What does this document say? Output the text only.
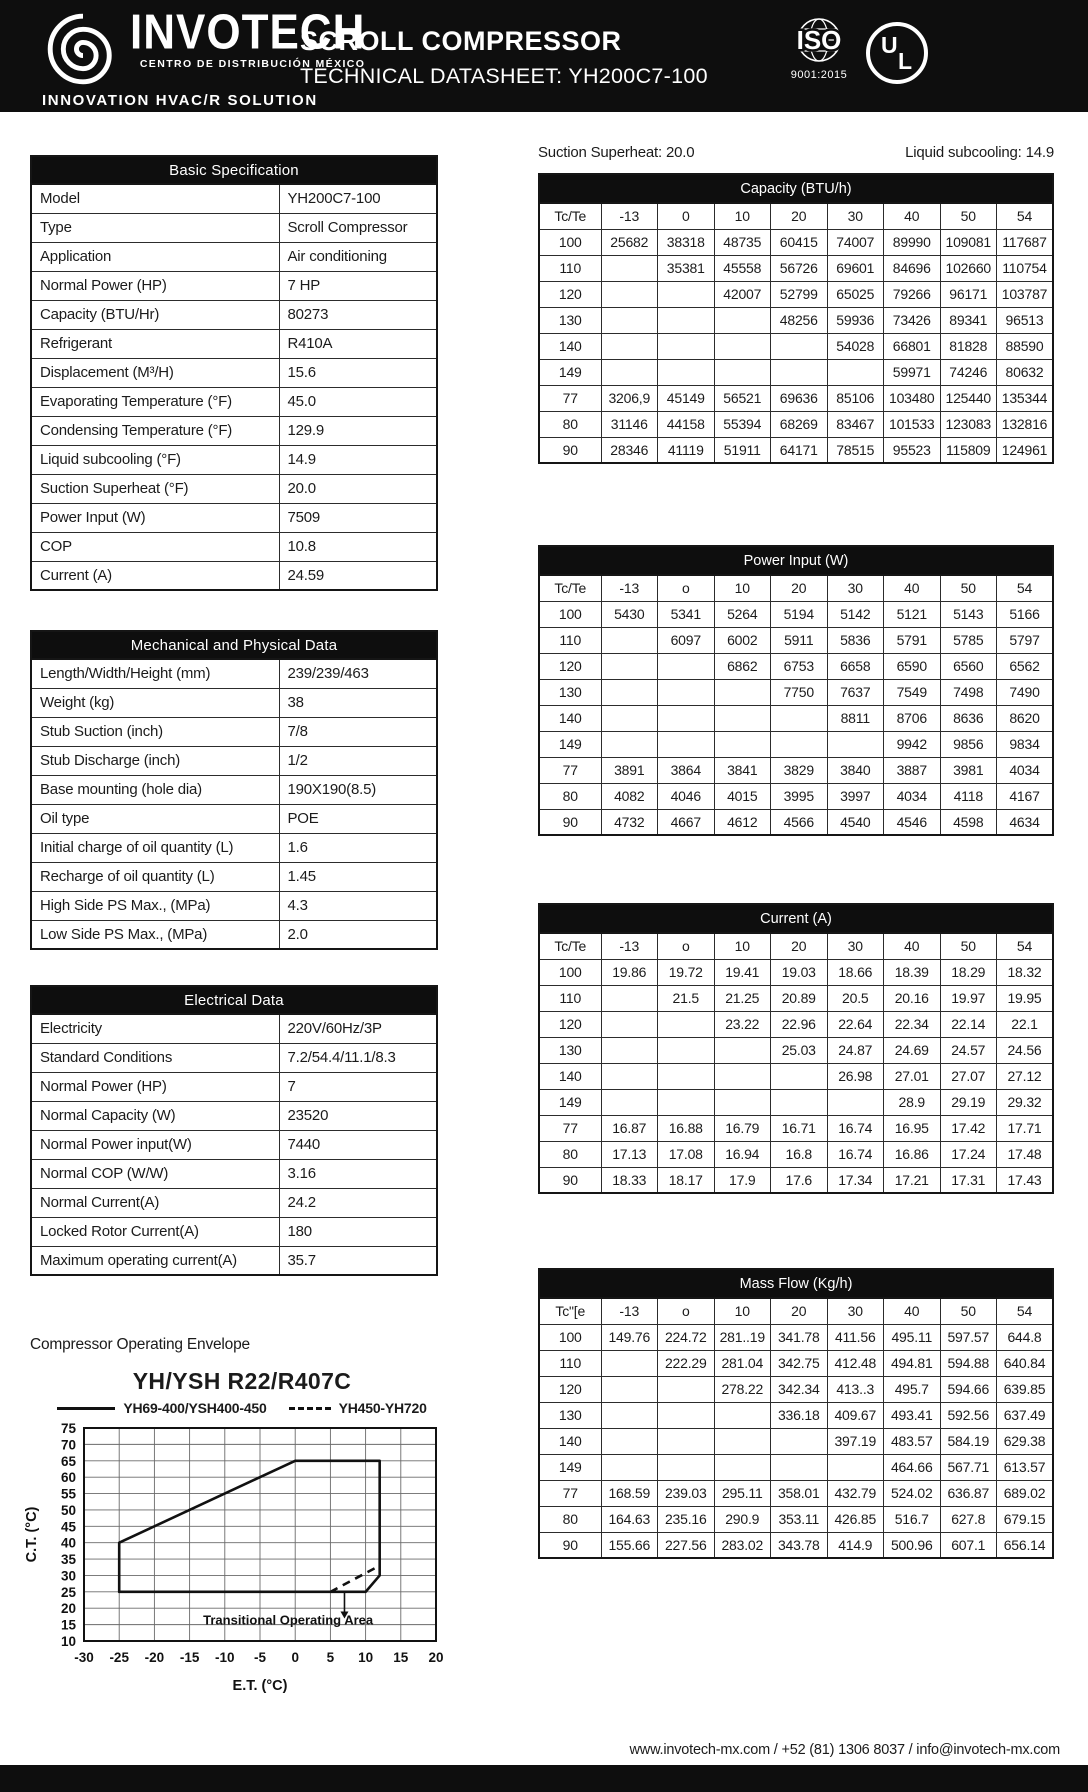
INVOTECH
CENTRO DE DISTRIBUCIÓN MÉXICO
INNOVATION HVAC/R SOLUTION
SCROLL COMPRESSOR
TECHNICAL DATASHEET: YH200C7-100
ISO
9001:2015
U
L
Basic Specification
Model	YH200C7-100
Type	Scroll Compressor
Application	Air conditioning
Normal Power (HP)	7 HP
Capacity (BTU/Hr)	80273
Refrigerant	R410A
Displacement (M³/H)	15.6
Evaporating Temperature (°F)	45.0
Condensing Temperature (°F)	129.9
Liquid subcooling (°F)	14.9
Suction Superheat (°F)	20.0
Power Input (W)	7509
COP	10.8
Current (A)	24.59
Mechanical and Physical Data
Length/Width/Height (mm)	239/239/463
Weight (kg)	38
Stub Suction (inch)	7/8
Stub Discharge (inch)	1/2
Base mounting (hole dia)	190X190(8.5)
Oil type	POE
Initial charge of oil quantity (L)	1.6
Recharge of oil quantity (L)	1.45
High Side PS Max., (MPa)	4.3
Low Side PS Max., (MPa)	2.0
Electrical Data
Electricity	220V/60Hz/3P
Standard Conditions	7.2/54.4/11.1/8.3
Normal Power (HP)	7
Normal Capacity (W)	23520
Normal Power input(W)	7440
Normal COP (W/W)	3.16
Normal Current(A)	24.2
Locked Rotor Current(A)	180
Maximum operating current(A)	35.7
Suction Superheat: 20.0	Liquid subcooling: 14.9
Capacity (BTU/h)
Tc/Te	-13	0	10	20	30	40	50	54
100	25682	38318	48735	60415	74007	89990	109081	117687
110		35381	45558	56726	69601	84696	102660	110754
120			42007	52799	65025	79266	96171	103787
130				48256	59936	73426	89341	96513
140					54028	66801	81828	88590
149						59971	74246	80632
77	3206,9	45149	56521	69636	85106	103480	125440	135344
80	31146	44158	55394	68269	83467	101533	123083	132816
90	28346	41119	51911	64171	78515	95523	115809	124961
Power Input (W)
Tc/Te	-13	o	10	20	30	40	50	54
100	5430	5341	5264	5194	5142	5121	5143	5166
110		6097	6002	5911	5836	5791	5785	5797
120			6862	6753	6658	6590	6560	6562
130				7750	7637	7549	7498	7490
140					8811	8706	8636	8620
149						9942	9856	9834
77	3891	3864	3841	3829	3840	3887	3981	4034
80	4082	4046	4015	3995	3997	4034	4118	4167
90	4732	4667	4612	4566	4540	4546	4598	4634
Current (A)
Tc/Te	-13	o	10	20	30	40	50	54
100	19.86	19.72	19.41	19.03	18.66	18.39	18.29	18.32
110		21.5	21.25	20.89	20.5	20.16	19.97	19.95
120			23.22	22.96	22.64	22.34	22.14	22.1
130				25.03	24.87	24.69	24.57	24.56
140					26.98	27.01	27.07	27.12
149						28.9	29.19	29.32
77	16.87	16.88	16.79	16.71	16.74	16.95	17.42	17.71
80	17.13	17.08	16.94	16.8	16.74	16.86	17.24	17.48
90	18.33	18.17	17.9	17.6	17.34	17.21	17.31	17.43
Mass Flow (Kg/h)
Tc"[e	-13	o	10	20	30	40	50	54
100	149.76	224.72	281..19	341.78	411.56	495.11	597.57	644.8
110		222.29	281.04	342.75	412.48	494.81	594.88	640.84
120			278.22	342.34	413..3	495.7	594.66	639.85
130				336.18	409.67	493.41	592.56	637.49
140					397.19	483.57	584.19	629.38
149						464.66	567.71	613.57
77	168.59	239.03	295.11	358.01	432.79	524.02	636.87	689.02
80	164.63	235.16	290.9	353.11	426.85	516.7	627.8	679.15
90	155.66	227.56	283.02	343.78	414.9	500.96	607.1	656.14
Compressor Operating Envelope
YH/YSH R22/R407C
YH69-400/YSH400-450	YH450-YH720
-30 -25 -20 -15 -10 -5 0 5 10 15 20
10
15
20
25
30
35
40
45
50
55
60
65
70
75
Transitional Operating Area
E.T. (°C)
C.T. (°C)
www.invotech-mx.com / +52 (81) 1306 8037 / info@invotech-mx.com
